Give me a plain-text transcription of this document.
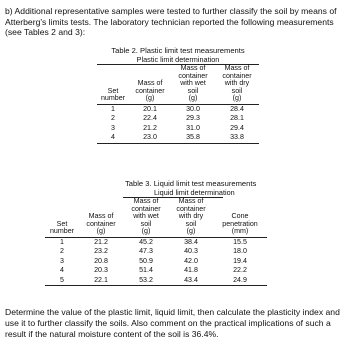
b) Additional representative samples were tested to further classify the soil by means of Atterberg's limits tests. The laboratory technician reported the following measurements (see Tables 2 and 3):
Table 2. Plastic limit test measurements
Plastic limit determination

Set
number	Mass of
container
(g)	Mass of
container
with wet
soil
(g)	Mass of
container
with dry
soil
(g)
1	20.1	30.0	28.4
2	22.4	29.3	28.1
3	21.2	31.0	29.4
4	23.0	35.8	33.8
Table 3. Liquid limit test measurements
Liquid limit determination

Set
number	Mass of
container
(g)	Mass of
container
with wet
soil
(g)	Mass of
container
with dry
soil
(g)	Cone
penetration
(mm)
1	21.2	45.2	38.4	15.5
2	23.2	47.3	40.3	18.0
3	20.8	50.9	42.0	19.4
4	20.3	51.4	41.8	22.2
5	22.1	53.2	43.4	24.9
Determine the value of the plastic limit, liquid limit, then calculate the plasticity index and use it to further classify the soils. Also comment on the practical implications of such a result if the natural moisture content of the soil is 36.4%.
